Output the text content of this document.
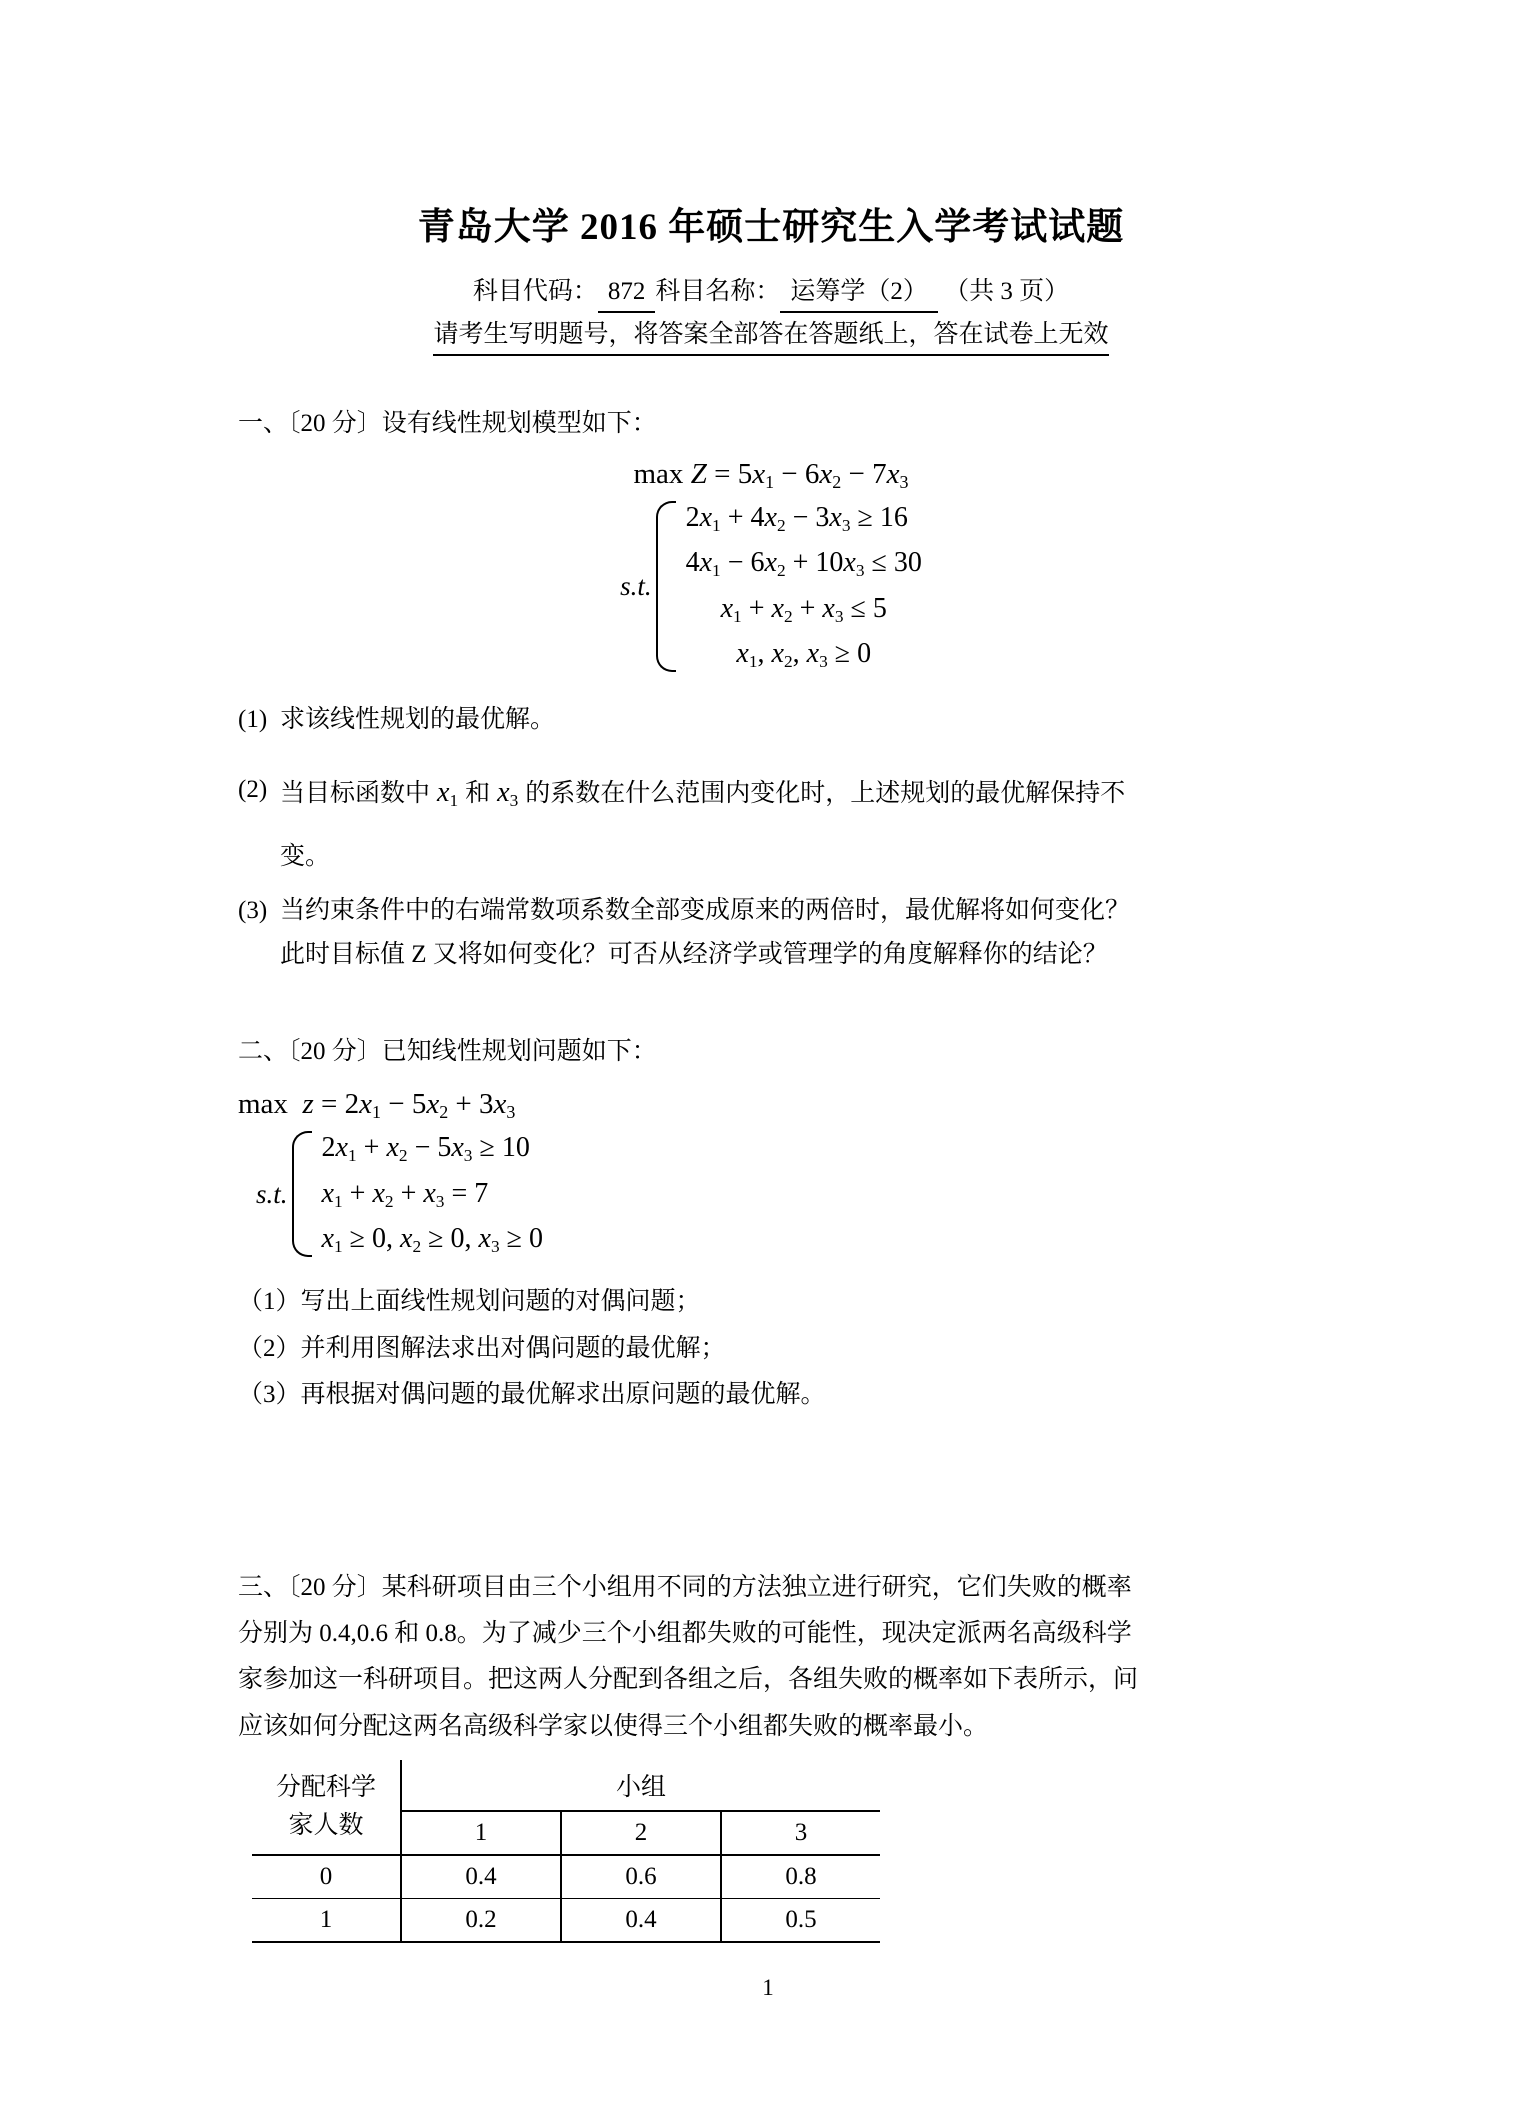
青岛大学 2016 年硕士研究生入学考试试题
科目代码： 872 科目名称： 运筹学（2） （共 3 页）
请考生写明题号，将答案全部答在答题纸上，答在试卷上无效
一、〔20 分〕设有线性规划模型如下：
$\max Z = 5x_1 - 6x_2 - 7x_3$
s.t.
$2x_1 + 4x_2 - 3x_3 \ge 16$
$4x_1 - 6x_2 + 10x_3 \le 30$
$x_1 + x_2 + x_3 \le 5$
$x_1$, $x_2$, $x_3 \ge 0$
(1) 求该线性规划的最优解。
(2) 当目标函数中 $x_1$ 和 $x_3$ 的系数在什么范围内变化时，上述规划的最优解保持不
变。
(3) 当约束条件中的右端常数项系数全部变成原来的两倍时，最优解将如何变化？
此时目标值 Z 又将如何变化？可否从经济学或管理学的角度解释你的结论？
二、〔20 分〕已知线性规划问题如下：
$\max z = 2x_1 - 5x_2 + 3x_3$
s.t.
$2x_1 + x_2 - 5x_3 \ge 10$
$x_1 + x_2 + x_3 = 7$
$x_1 \ge 0$, $x_2 \ge 0$, $x_3 \ge 0$
（1）写出上面线性规划问题的对偶问题；
（2）并利用图解法求出对偶问题的最优解；
（3）再根据对偶问题的最优解求出原问题的最优解。
三、〔20 分〕某科研项目由三个小组用不同的方法独立进行研究，它们失败的概率
分别为 0.4,0.6 和 0.8。为了减少三个小组都失败的可能性，现决定派两名高级科学
家参加这一科研项目。把这两人分配到各组之后，各组失败的概率如下表所示，问
应该如何分配这两名高级科学家以使得三个小组都失败的概率最小。
分配科学
家人数	小组		
	1	2	3
0	0.4	0.6	0.8
1	0.2	0.4	0.5
1
